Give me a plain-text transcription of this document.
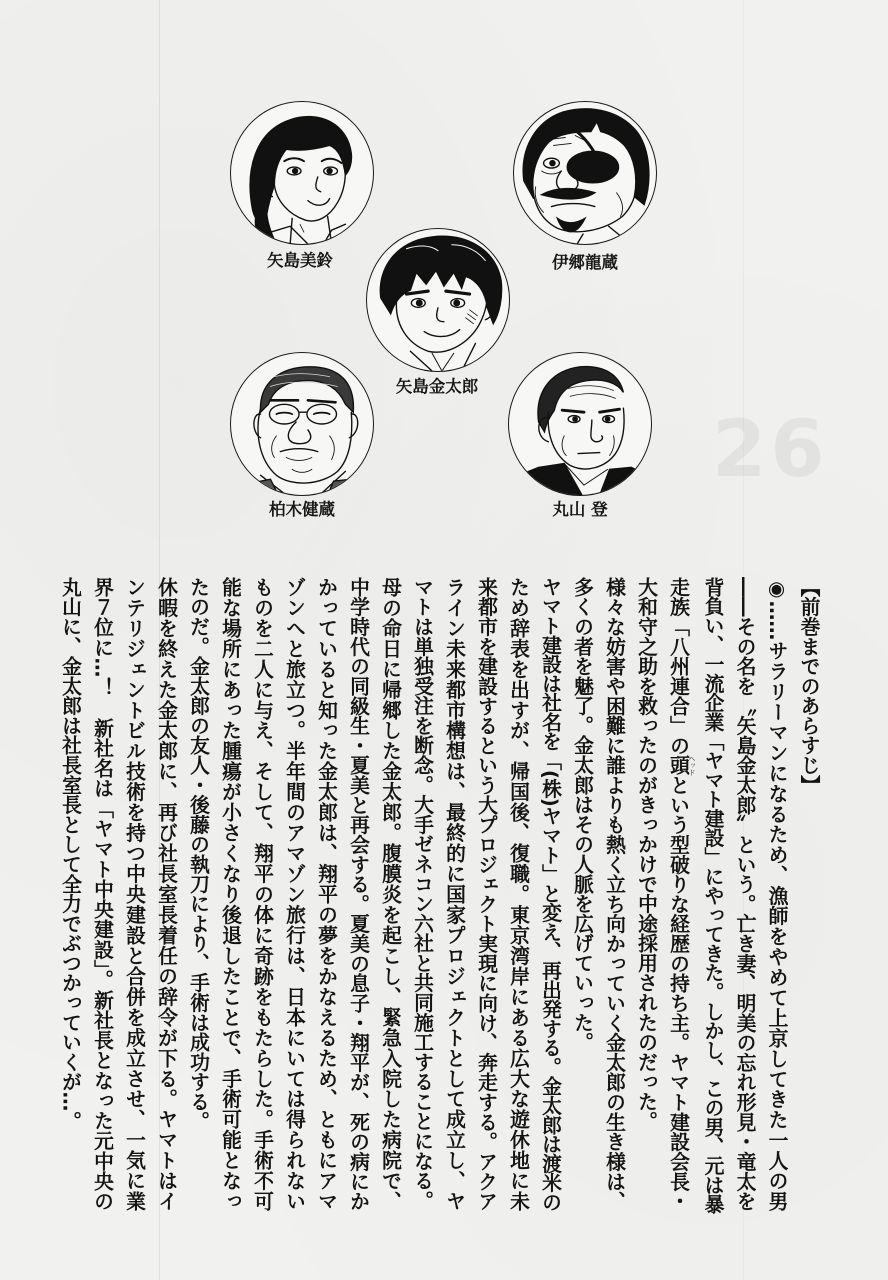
26
矢島美鈴	伊郷龍蔵
矢島金太郎
柏木健蔵	丸山 登
【前巻までのあらすじ】
◉……サラリーマンになるため、漁師をやめて上京してきた一人の男
――その名を〝矢島金太郎〟という。亡き妻、明美の忘れ形見・竜太を
背負い、一流企業「ヤマト建設」にやってきた。しかし、この男、元は暴
走族「八州連合」の頭ヘッドという型破りな経歴の持ち主。ヤマト建設会長・
大和守之助を救ったのがきっかけで中途採用されたのだった。
様々な妨害や困難に誰よりも熱く立ち向かっていく金太郎の生き様は、
多くの者を魅了。金太郎はその人脈を広げていった。
ヤマト建設は社名を「(株)ヤマト」と変え、再出発する。金太郎は渡米の
ため辞表を出すが、帰国後、復職。東京湾岸にある広大な遊休地に未
来都市を建設するという大プロジェクト実現に向け、奔走する。アクア
ライン未来都市構想は、最終的に国家プロジェクトとして成立し、ヤ
マトは単独受注を断念。大手ゼネコン六社と共同施工することになる。
母の命日に帰郷した金太郎。腹膜炎を起こし、緊急入院した病院で、
中学時代の同級生・夏美と再会する。夏美の息子・翔平が、死の病にか
かっていると知った金太郎は、翔平の夢をかなえるため、ともにアマ
ゾンへと旅立つ。半年間のアマゾン旅行は、日本にいては得られない
ものを二人に与え、そして、翔平の体に奇跡をもたらした。手術不可
能な場所にあった腫瘍が小さくなり後退したことで、手術可能となっ
たのだ。金太郎の友人・後藤の執刀により、手術は成功する。
休暇を終えた金太郎に、再び社長室長着任の辞令が下る。ヤマトはイ
ンテリジェントビル技術を持つ中央建設と合併を成立させ、一気に業
界７位に…！　新社名は「ヤマト中央建設」。新社長となった元中央の
丸山に、金太郎は社長室長として全力でぶつかっていくが…。
